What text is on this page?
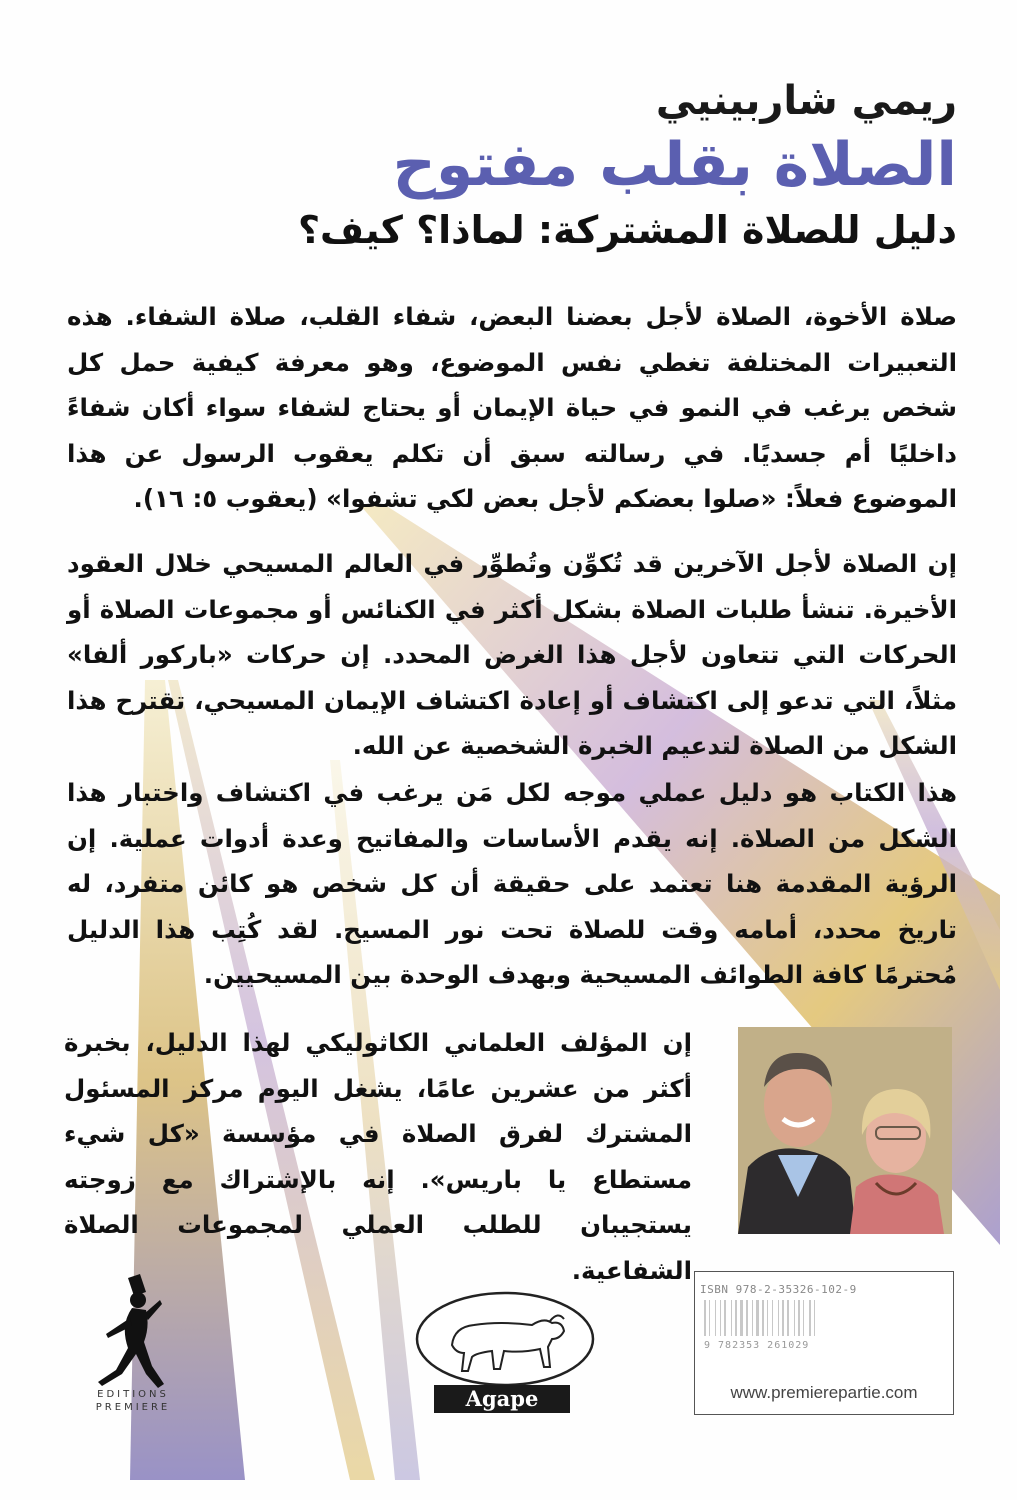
ريمي شاربينيي
الصلاة بقلب مفتوح
دليل للصلاة المشتركة: لماذا؟ كيف؟

صلاة الأخوة، الصلاة لأجل بعضنا البعض، شفاء القلب، صلاة الشفاء. هذه التعبيرات المختلفة تغطي نفس الموضوع، وهو معرفة كيفية حمل كل شخص يرغب في النمو في حياة الإيمان أو يحتاج لشفاء سواء أكان شفاءً داخليًا أم جسديًا. في رسالته سبق أن تكلم يعقوب الرسول عن هذا الموضوع فعلاً: «صلوا بعضكم لأجل بعض لكي تشفوا» (يعقوب ٥: ١٦).

إن الصلاة لأجل الآخرين قد تُكوِّن وتُطوِّر في العالم المسيحي خلال العقود الأخيرة. تنشأ طلبات الصلاة بشكل أكثر في الكنائس أو مجموعات الصلاة أو الحركات التي تتعاون لأجل هذا الغرض المحدد. إن حركات «باركور ألفا» مثلاً، التي تدعو إلى اكتشاف أو إعادة اكتشاف الإيمان المسيحي، تقترح هذا الشكل من الصلاة لتدعيم الخبرة الشخصية عن الله.

هذا الكتاب هو دليل عملي موجه لكل مَن يرغب في اكتشاف واختبار هذا الشكل من الصلاة. إنه يقدم الأساسات والمفاتيح وعدة أدوات عملية. إن الرؤية المقدمة هنا تعتمد على حقيقة أن كل شخص هو كائن متفرد، له تاريخ محدد، أمامه وقت للصلاة تحت نور المسيح. لقد كُتِب هذا الدليل مُحترمًا كافة الطوائف المسيحية وبهدف الوحدة بين المسيحيين.

إن المؤلف العلماني الكاثوليكي لهذا الدليل، بخبرة أكثر من عشرين عامًا، يشغل اليوم مركز المسئول المشترك لفرق الصلاة في مؤسسة «كل شيء مستطاع يا باريس». إنه بالإشتراك مع زوجته يستجيبان للطلب العملي لمجموعات الصلاة الشفاعية.

EDITIONS
PREMIERE	Agape
ISBN 978-2-35326-102-9
9 782353 261029
www.premierepartie.com
